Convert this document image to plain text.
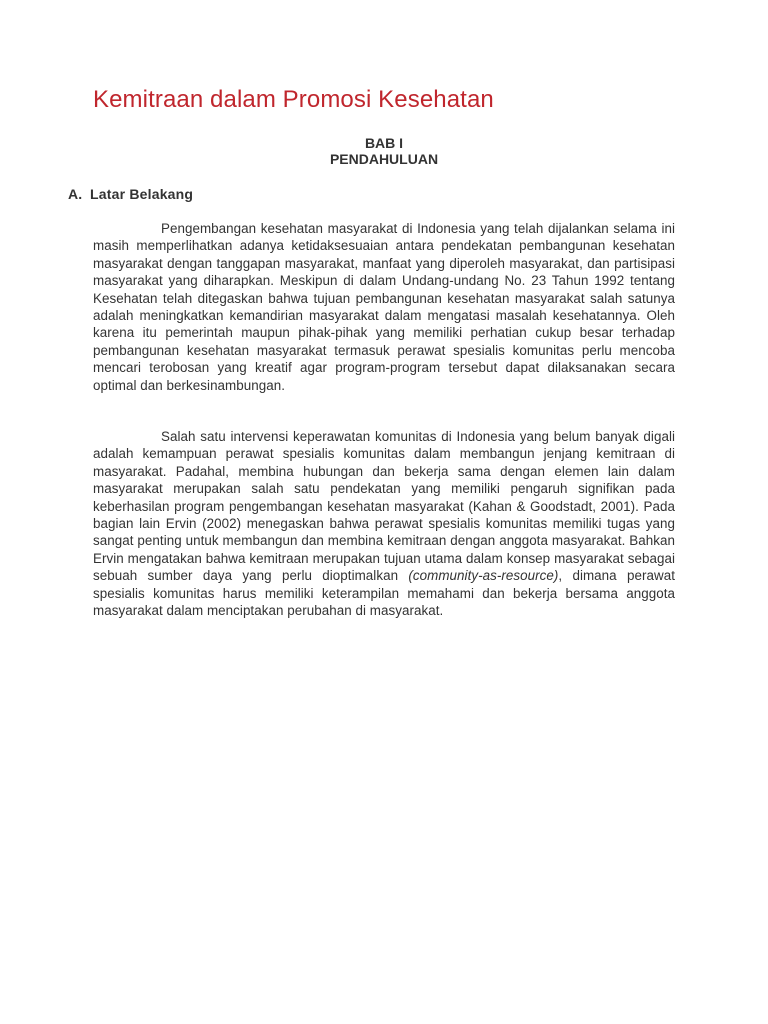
Kemitraan dalam Promosi Kesehatan

BAB I

PENDAHULUAN

A. Latar Belakang

Pengembangan kesehatan masyarakat di Indonesia yang telah dijalankan selama ini masih memperlihatkan adanya ketidaksesuaian antara pendekatan pembangunan kesehatan masyarakat dengan tanggapan masyarakat, manfaat yang diperoleh masyarakat, dan partisipasi masyarakat yang diharapkan. Meskipun di dalam Undang-undang No. 23 Tahun 1992 tentang Kesehatan telah ditegaskan bahwa tujuan pembangunan kesehatan masyarakat salah satunya adalah meningkatkan kemandirian masyarakat dalam mengatasi masalah kesehatannya. Oleh karena itu pemerintah maupun pihak-pihak yang memiliki perhatian cukup besar terhadap pembangunan kesehatan masyarakat termasuk perawat spesialis komunitas perlu mencoba mencari terobosan yang kreatif agar program-program tersebut dapat dilaksanakan secara optimal dan berkesinambungan.

Salah satu intervensi keperawatan komunitas di Indonesia yang belum banyak digali adalah kemampuan perawat spesialis komunitas dalam membangun jenjang kemitraan di masyarakat. Padahal, membina hubungan dan bekerja sama dengan elemen lain dalam masyarakat merupakan salah satu pendekatan yang memiliki pengaruh signifikan pada keberhasilan program pengembangan kesehatan masyarakat (Kahan & Goodstadt, 2001). Pada bagian lain Ervin (2002) menegaskan bahwa perawat spesialis komunitas memiliki tugas yang sangat penting untuk membangun dan membina kemitraan dengan anggota masyarakat. Bahkan Ervin mengatakan bahwa kemitraan merupakan tujuan utama dalam konsep masyarakat sebagai sebuah sumber daya yang perlu dioptimalkan (community-as-resource), dimana perawat spesialis komunitas harus memiliki keterampilan memahami dan bekerja bersama anggota masyarakat dalam menciptakan perubahan di masyarakat.
